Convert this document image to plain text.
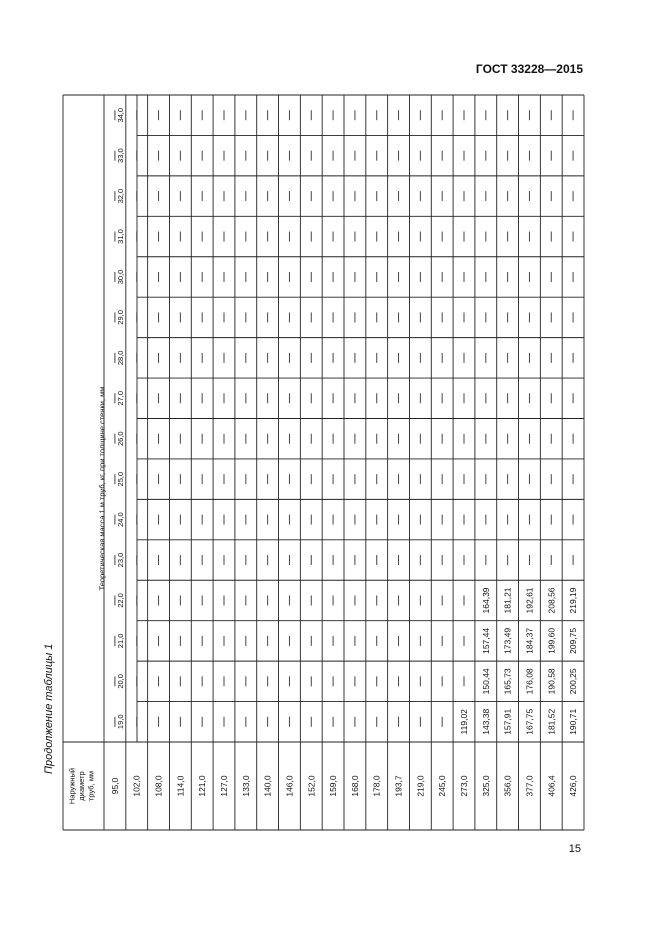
ГОСТ 33228—2015
Продолжение таблицы 1
Наружныйдиаметртруб, мм
Теоретическая масса 1 м труб, кг, при толщине стенки, мм
19,0
20,0
21,0
22,0
23,0
24,0
25,0
26,0
27,0
28,0
29,0
30,0
31,0
32,0
33,0
34,0
95,0 102,0 108,0 114,0 121,0 127,0 133,0 140,0 146,0 152,0 159,0 168,0 178,0 193,7 219,0 245,0 273,0
119,02
325,0
143,38
150,44
157,44
164,39
356,0
157,91
165,73
173,49
181,21
377,0
167,75
176,08
184,37
192,61
406,4
181,52
190,58
199,60
208,56
426,0
190,71
200,25
209,75
219,19
15
